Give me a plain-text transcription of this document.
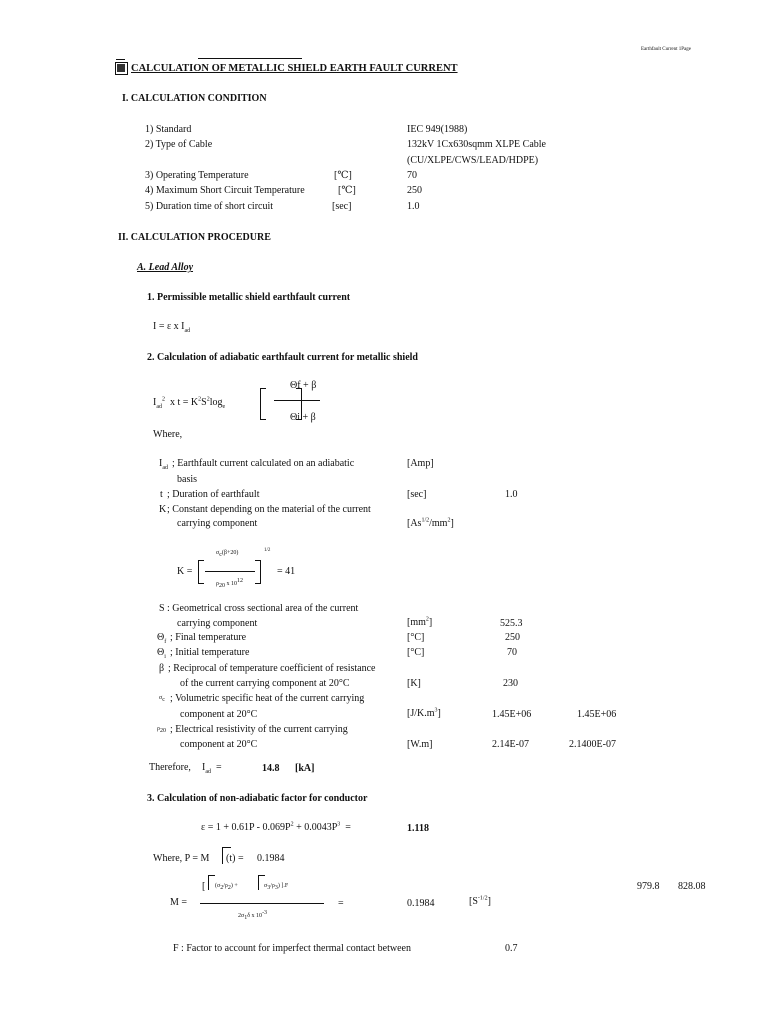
Earthfault Current 1Page
CALCULATION OF METALLIC SHIELD EARTH FAULT CURRENT
I. CALCULATION CONDITION
1) Standard	IEC 949(1988)
2) Type of Cable	132kV 1Cx630sqmm XLPE Cable
(CU/XLPE/CWS/LEAD/HDPE)
3) Operating Temperature	[℃]	70
4) Maximum Short Circuit Temperature	[℃]	250
5) Duration time of short circuit	[sec]	1.0
II. CALCULATION PROCEDURE
A. Lead Alloy
1. Permissible metallic shield earthfault current
I = ε x $I_{ad}$
2. Calculation of adiabatic earthfault current for metallic shield
$I_{ad}^2$ x $t = K^2S^2\log_e$
Θf + β
Θi + β
Where,
$I_{ad}$ ; Earthfault current calculated on an adiabatic
basis
[Amp]
t ; Duration of earthfault	[sec]	1.0
K ; Constant depending on the material of the current
carrying component	$[As^{1/2}/mm^2]$
K =
$\sigma_c(\beta+20)$
$\rho_{20}$ x $10^{12}$
1/2
= 41
S : Geometrical cross sectional area of the current
carrying component	$[mm^2]$	525.3
$\Theta_f$ ; Final temperature	[°C]	250
$\Theta_i$ ; Initial temperature	[°C]	70
β ; Reciprocal of temperature coefficient of resistance
of the current carrying component at 20°C	[K]	230
$\sigma_c$ ; Volumetric specific heat of the current carrying
component at 20°C	$[J/K.m^3]$	1.45E+06	1.45E+06
$\rho_{20}$ ; Electrical resistivity of the current carrying
component at 20°C	[W.m]	2.14E-07	2.1400E-07
Therefore, $I_{ad}$  =	14.8 [kA]
3. Calculation of non-adiabatic factor for conductor
$\varepsilon = 1 + 0.61P - 0.069P^2 + 0.0043P^3$  =	1.118
Where, P = M (t) = 0.1984
M =
[ $(\sigma_2/\rho_2)$ +	$\sigma_3/\rho_3$) ].F
$2\sigma_1\delta$ x $10^{-3}$
=	0.1984	$[S^{-1/2}]$
979.8 828.08
F : Factor to account for imperfect thermal contact between	0.7
